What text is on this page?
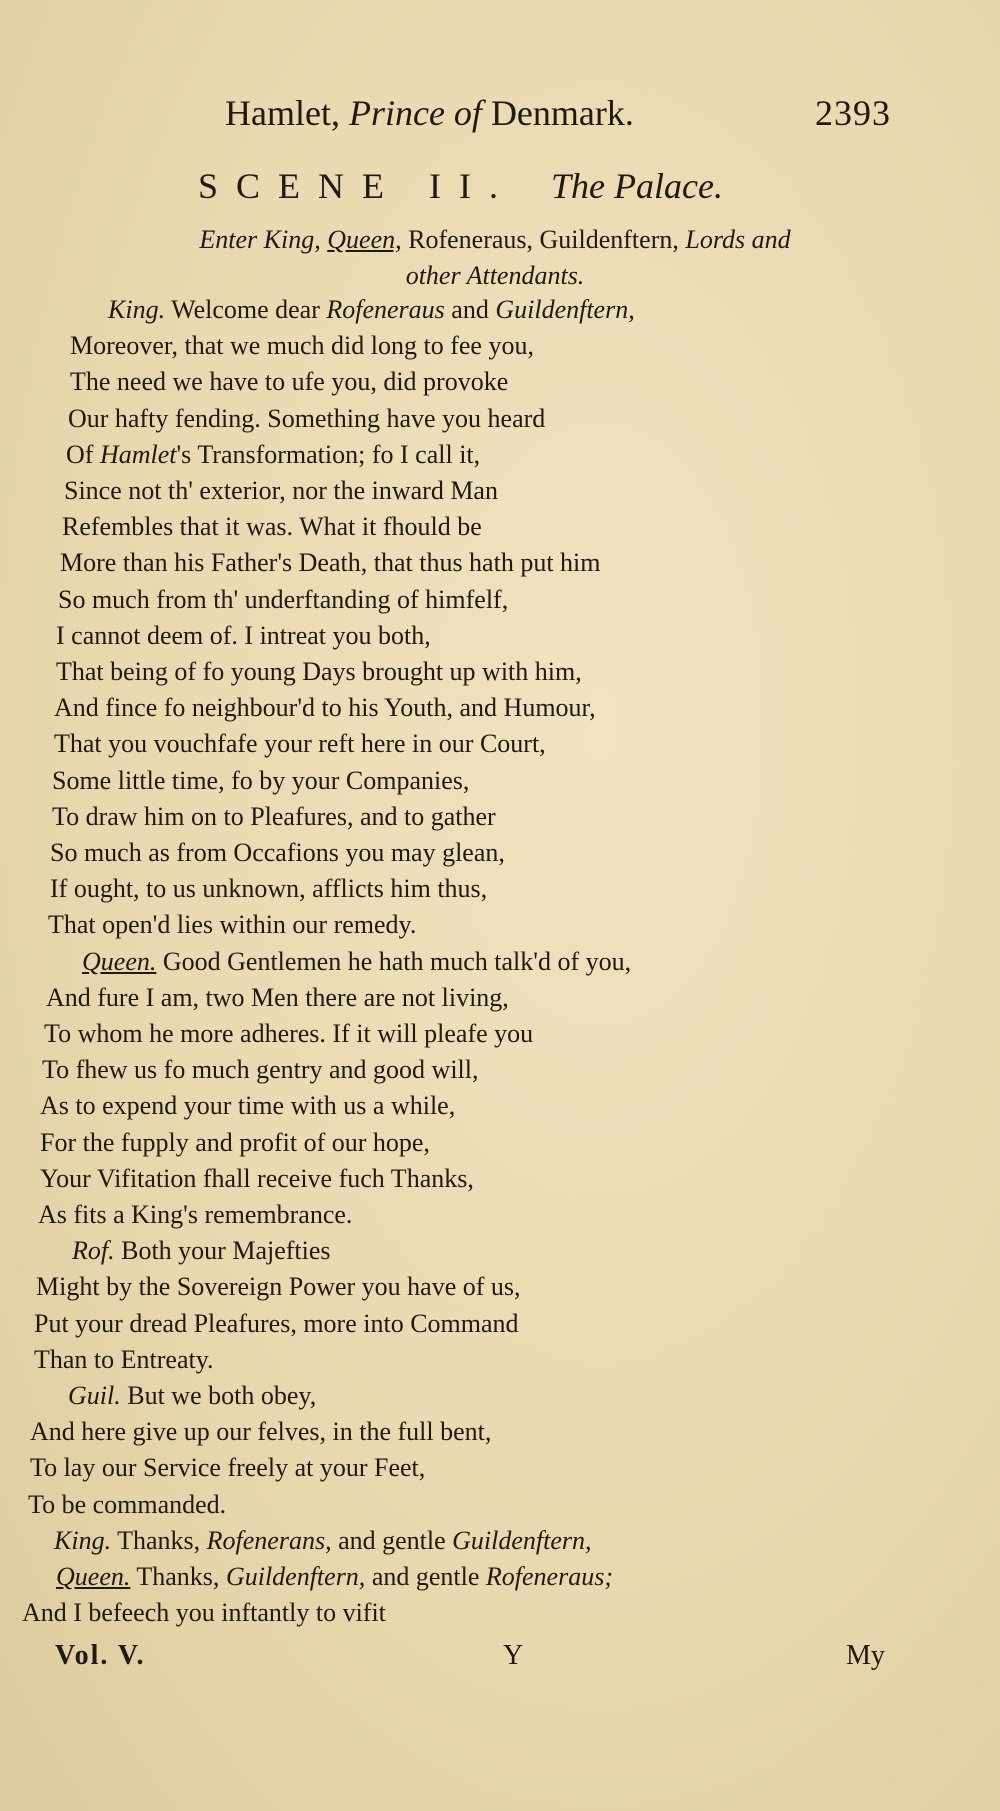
Hamlet, Prince of Denmark.	2393
SCENE II. The Palace.
Enter King, Queen, Rofeneraus, Guildenftern, Lords and
other Attendants.
King. Welcome dear Rofeneraus and Guildenftern,
Moreover, that we much did long to fee you,
The need we have to ufe you, did provoke
Our hafty fending. Something have you heard
Of Hamlet's Transformation; fo I call it,
Since not th' exterior, nor the inward Man
Refembles that it was. What it fhould be
More than his Father's Death, that thus hath put him
So much from th' underftanding of himfelf,
I cannot deem of. I intreat you both,
That being of fo young Days brought up with him,
And fince fo neighbour'd to his Youth, and Humour,
That you vouchfafe your reft here in our Court,
Some little time, fo by your Companies,
To draw him on to Pleafures, and to gather
So much as from Occafions you may glean,
If ought, to us unknown, afflicts him thus,
That open'd lies within our remedy.
Queen. Good Gentlemen he hath much talk'd of you,
And fure I am, two Men there are not living,
To whom he more adheres. If it will pleafe you
To fhew us fo much gentry and good will,
As to expend your time with us a while,
For the fupply and profit of our hope,
Your Vifitation fhall receive fuch Thanks,
As fits a King's remembrance.
Rof. Both your Majefties
Might by the Sovereign Power you have of us,
Put your dread Pleafures, more into Command
Than to Entreaty.
Guil. But we both obey,
And here give up our felves, in the full bent,
To lay our Service freely at your Feet,
To be commanded.
King. Thanks, Rofenerans, and gentle Guildenftern,
Queen. Thanks, Guildenftern, and gentle Rofeneraus;
And I befeech you inftantly to vifit
Vol. V.	Y	My
